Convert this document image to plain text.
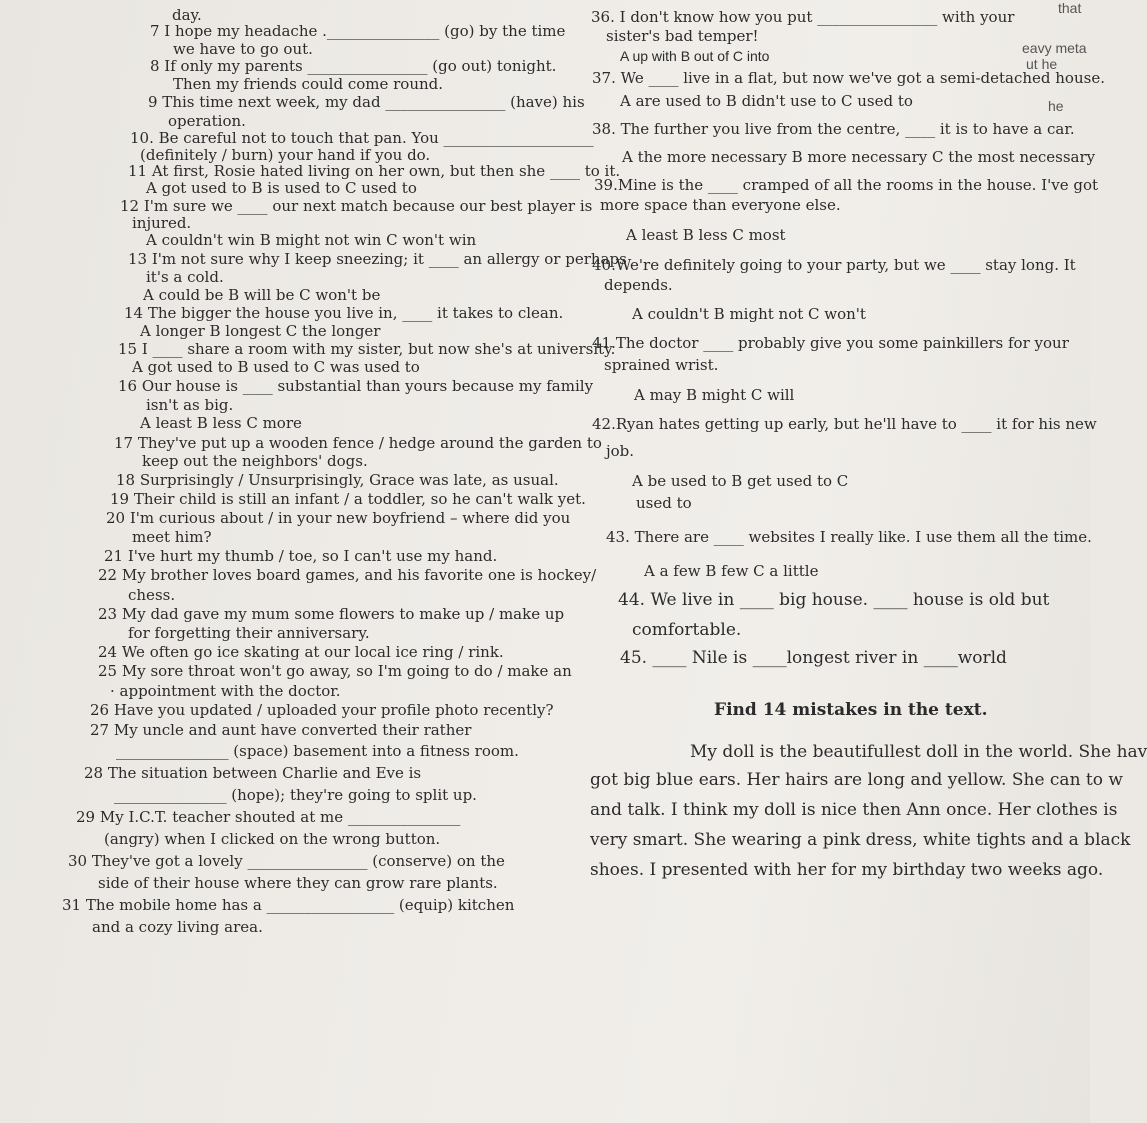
day.
7 I hope my headache ._______________ (go) by the time
we have to go out.
8 If only my parents ________________ (go out) tonight.
Then my friends could come round.
9 This time next week, my dad ________________ (have) his
operation.
10. Be careful not to touch that pan. You ____________________
(definitely / burn) your hand if you do.
11 At first, Rosie hated living on her own, but then she ____ to it.
A got used to B is used to C used to
12 I'm sure we ____ our next match because our best player is
injured.
A couldn't win B might not win C won't win
13 I'm not sure why I keep sneezing; it ____ an allergy or perhaps
it's a cold.
A could be B will be C won't be
14 The bigger the house you live in, ____ it takes to clean.
A longer B longest C the longer
15 I ____ share a room with my sister, but now she's at university.
A got used to B used to C was used to
16 Our house is ____ substantial than yours because my family
isn't as big.
A least B less C more
17 They've put up a wooden fence / hedge around the garden to
keep out the neighbors' dogs.
18 Surprisingly / Unsurprisingly, Grace was late, as usual.
19 Their child is still an infant / a toddler, so he can't walk yet.
20 I'm curious about / in your new boyfriend – where did you
meet him?
21 I've hurt my thumb / toe, so I can't use my hand.
22 My brother loves board games, and his favorite one is hockey/
chess.
23 My dad gave my mum some flowers to make up / make up
for forgetting their anniversary.
24 We often go ice skating at our local ice ring / rink.
25 My sore throat won't go away, so I'm going to do / make an
· appointment with the doctor.
26 Have you updated / uploaded your profile photo recently?
27 My uncle and aunt have converted their rather
_______________ (space) basement into a fitness room.
28 The situation between Charlie and Eve is
_______________ (hope); they're going to split up.
29 My I.C.T. teacher shouted at me _______________
(angry) when I clicked on the wrong button.
30 They've got a lovely ________________ (conserve) on the
side of their house where they can grow rare plants.
31 The mobile home has a _________________ (equip) kitchen
and a cozy living area.
36. I don't know how you put ________________ with your
sister's bad temper!
A up with B out of C into
37. We ____ live in a flat, but now we've got a semi-detached house.
A are used to B didn't use to C used to
38. The further you live from the centre, ____ it is to have a car.
A the more necessary B more necessary C the most necessary
39.Mine is the ____ cramped of all the rooms in the house. I've got
more space than everyone else.
A least B less C most
40.We're definitely going to your party, but we ____ stay long. It
depends.
A couldn't B might not C won't
41.The doctor ____ probably give you some painkillers for your
sprained wrist.
A may B might C will
42.Ryan hates getting up early, but he'll have to ____ it for his new
job.
A be used to B get used to C
used to
43. There are ____ websites I really like. I use them all the time.
A a few B few C a little
44. We live in ____ big house. ____ house is old but
comfortable.
45. ____ Nile is ____longest river in ____world
Find 14 mistakes in the text.
My doll is the beautifullest doll in the world. She hav
got big blue ears. Her hairs are long and yellow. She can to w
and talk. I think my doll is nice then Ann once. Her clothes is
very smart. She wearing a pink dress, white tights and a black
shoes. I presented with her for my birthday two weeks ago.
that
eavy meta
ut he
he
